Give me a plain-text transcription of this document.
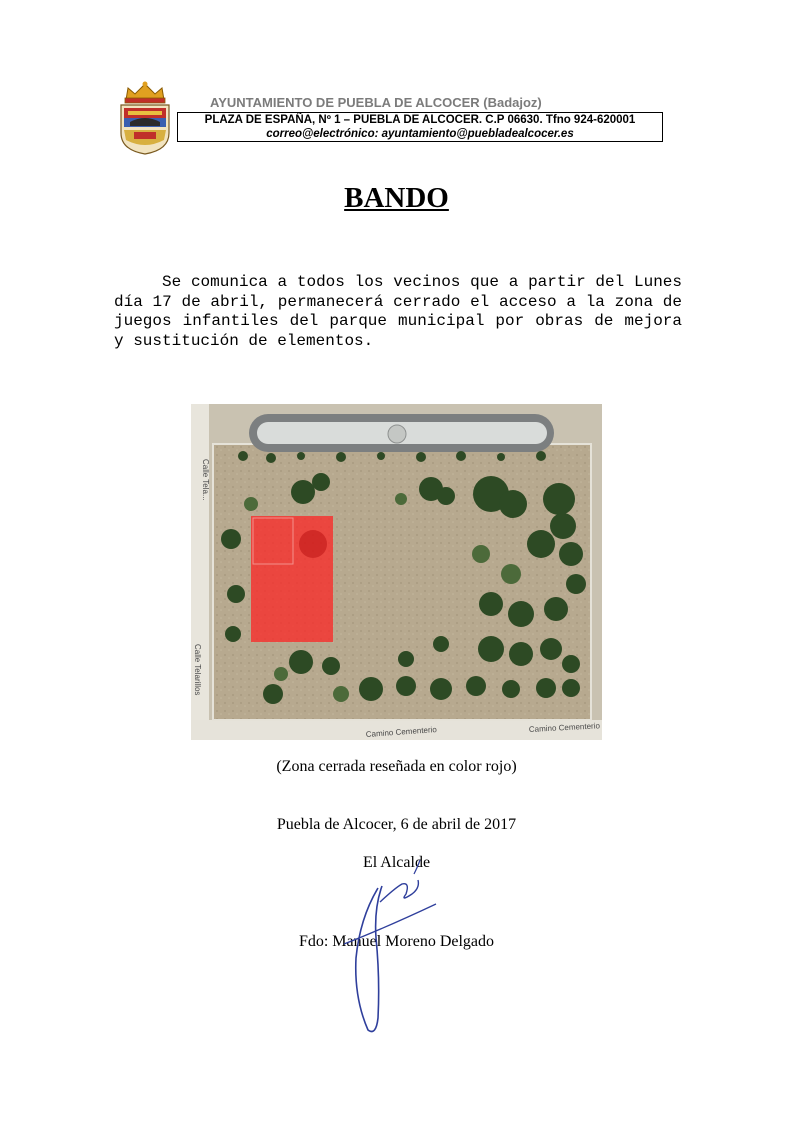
AYUNTAMIENTO DE PUEBLA DE ALCOCER (Badajoz)
PLAZA DE ESPAÑA, Nº 1 – PUEBLA DE ALCOCER. C.P 06630. Tfno 924-620001
correo@electrónico: ayuntamiento@puebladealcocer.es
BANDO

Se comunica a todos los vecinos que a partir del Lunes día 17 de abril, permanecerá cerrado el acceso a la zona de juegos infantiles del parque municipal por obras de mejora y sustitución de elementos.

Calle Tela...
Calle Telarillos
Camino Cementerio	Camino Cementerio
(Zona cerrada reseñada en color rojo)
Puebla de Alcocer, 6 de abril de 2017
El Alcalde
Fdo: Manuel Moreno Delgado
